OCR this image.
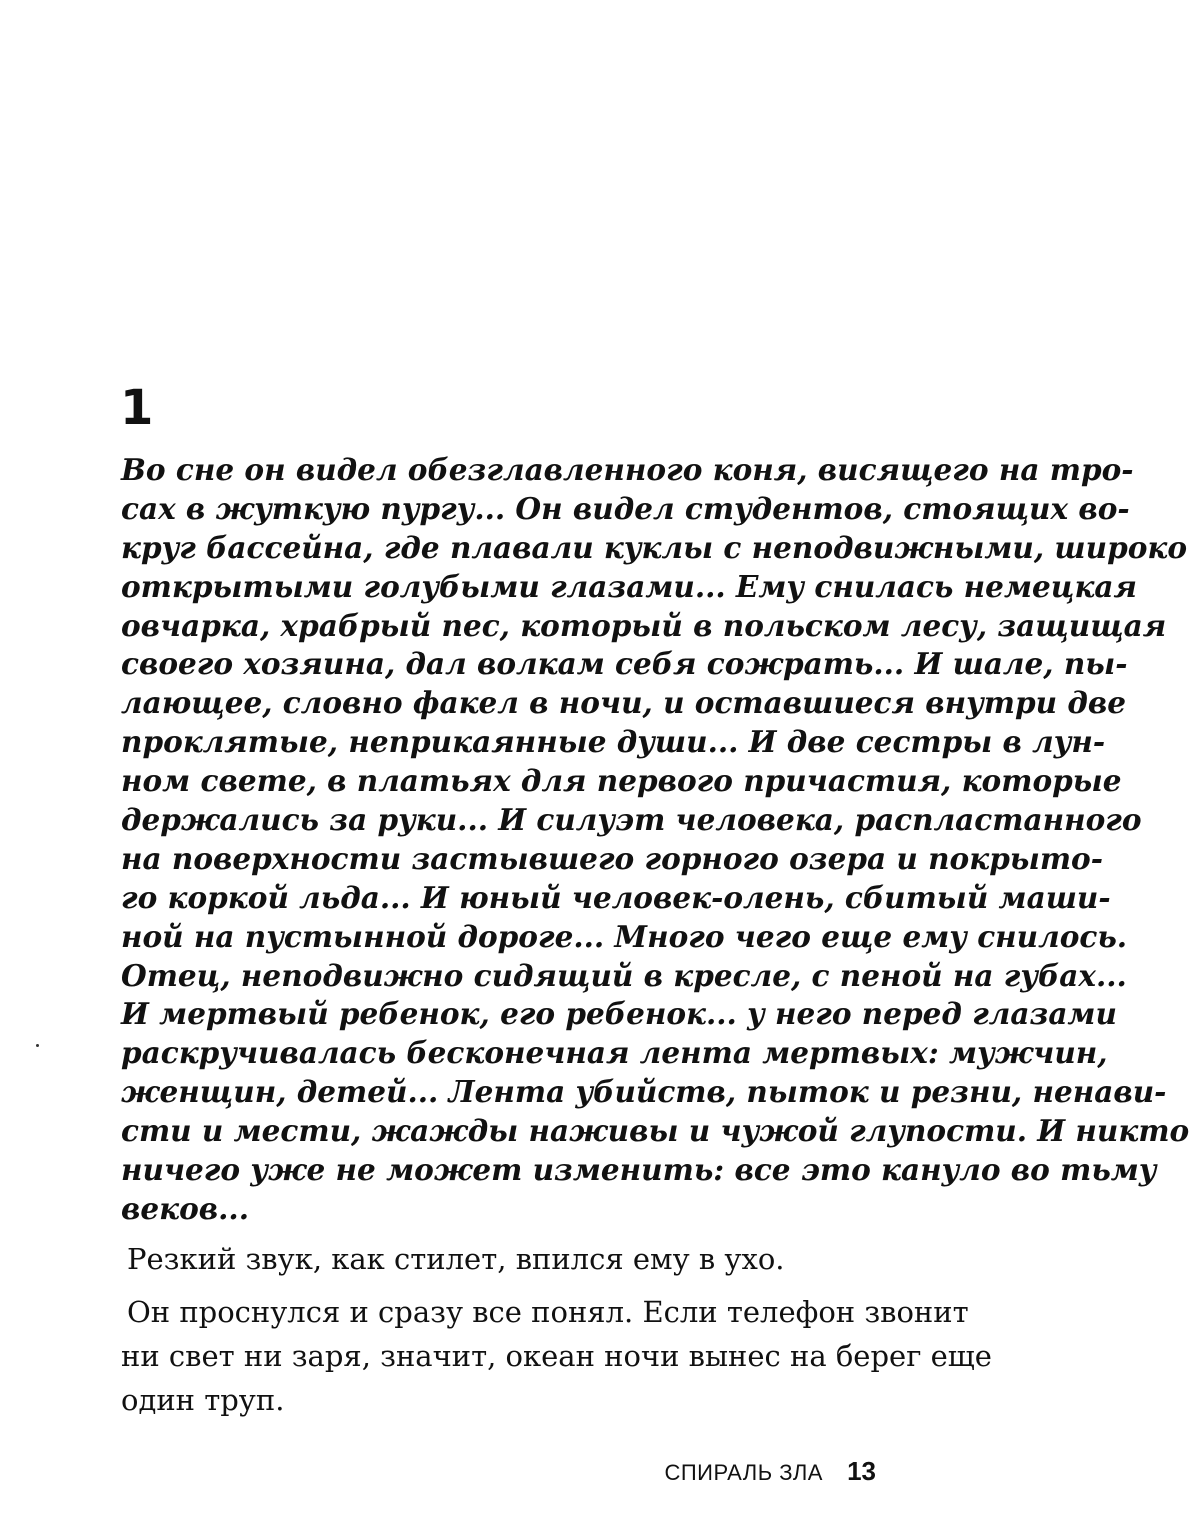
1
Во сне он видел обезглавленного коня, висящего на тро-
сах в жуткую пургу... Он видел студентов, стоящих во-
круг бассейна, где плавали куклы с неподвижными, широко
открытыми голубыми глазами... Ему снилась немецкая
овчарка, храбрый пес, который в польском лесу, защищая
своего хозяина, дал волкам себя сожрать... И шале, пы-
лающее, словно факел в ночи, и оставшиеся внутри две
проклятые, неприкаянные души... И две сестры в лун-
ном свете, в платьях для первого причастия, которые
держались за руки... И силуэт человека, распластанного
на поверхности застывшего горного озера и покрыто-
го коркой льда... И юный человек-олень, сбитый маши-
ной на пустынной дороге... Много чего еще ему снилось.
Отец, неподвижно сидящий в кресле, с пеной на губах...
И мертвый ребенок, его ребенок... у него перед глазами
раскручивалась бесконечная лента мертвых: мужчин,
женщин, детей... Лента убийств, пыток и резни, ненави-
сти и мести, жажды наживы и чужой глупости. И никто
ничего уже не может изменить: все это кануло во тьму
веков...
Резкий звук, как стилет, впился ему в ухо.
Он проснулся и сразу все понял. Если телефон звонит
ни свет ни заря, значит, океан ночи вынес на берег еще
один труп.
СПИРАЛЬ ЗЛА 13
